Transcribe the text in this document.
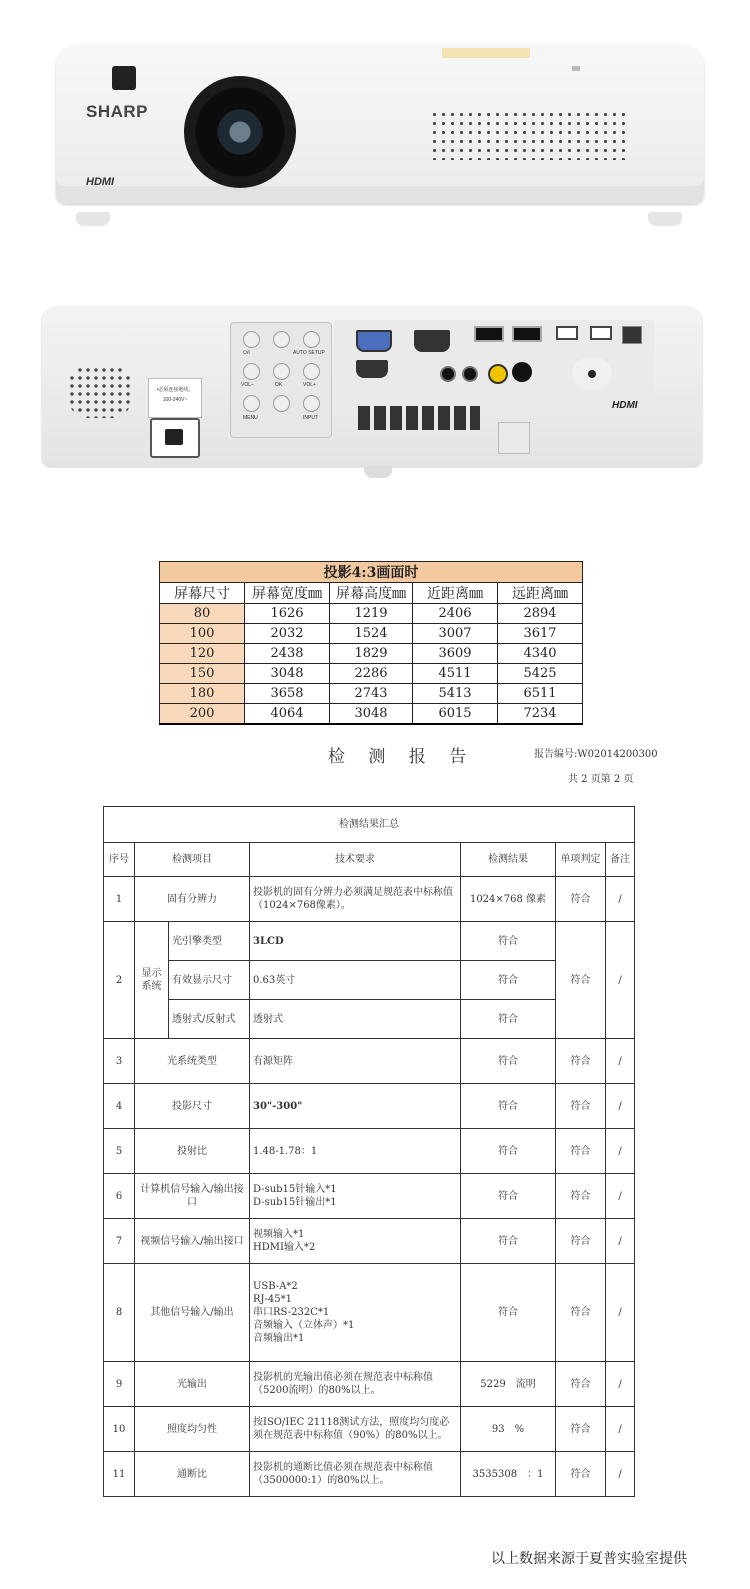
SHARP
HDMI
•必须连接地线。
100-240V~
⏻/I	AUTO SETUP
VOL−	OK	VOL+
MENU	INPUT
HDMI
投影4:3画面时				
屏幕尺寸	屏幕宽度㎜	屏幕高度㎜	近距离㎜	远距离㎜
80	1626	1219	2406	2894
100	2032	1524	3007	3617
120	2438	1829	3609	4340
150	3048	2286	4511	5425
180	3658	2743	5413	6511
200	4064	3048	6015	7234
检 测 报 告	报告编号:W02014200300
共 2 页第 2 页
检测结果汇总						
序号	检测项目		技术要求	检测结果	单项判定	备注
1	固有分辨力		投影机的固有分辨力必须满足规范表中标称值（1024×768像素）。	1024×768 像素	符合	/
2	显示系统	光引擎类型	3LCD	符合	符合	/
		有效显示尺寸	0.63英寸	符合		
		透射式/反射式	透射式	符合		
3	光系统类型		有源矩阵	符合	符合	/
4	投影尺寸		30"-300"	符合	符合	/
5	投射比		1.48-1.78：1	符合	符合	/
6	计算机信号输入/输出接口		D-sub15针输入*1
D-sub15针输出*1	符合	符合	/
7	视频信号输入/输出接口		视频输入*1
HDMI输入*2	符合	符合	/
8	其他信号输入/输出		USB-A*2
RJ-45*1
串口RS-232C*1
音频输入（立体声）*1
音频输出*1	符合	符合	/
9	光输出		投影机的光输出值必须在规范表中标称值（5200流明）的80%以上。	5229　流明	符合	/
10	照度均匀性		按ISO/IEC 21118测试方法，照度均匀度必须在规范表中标称值（90%）的80%以上。	93　%	符合	/
11	通断比		投影机的通断比值必须在规范表中标称值（3500000:1）的80%以上。	3535308　：1	符合	/
以上数据来源于夏普实验室提供
